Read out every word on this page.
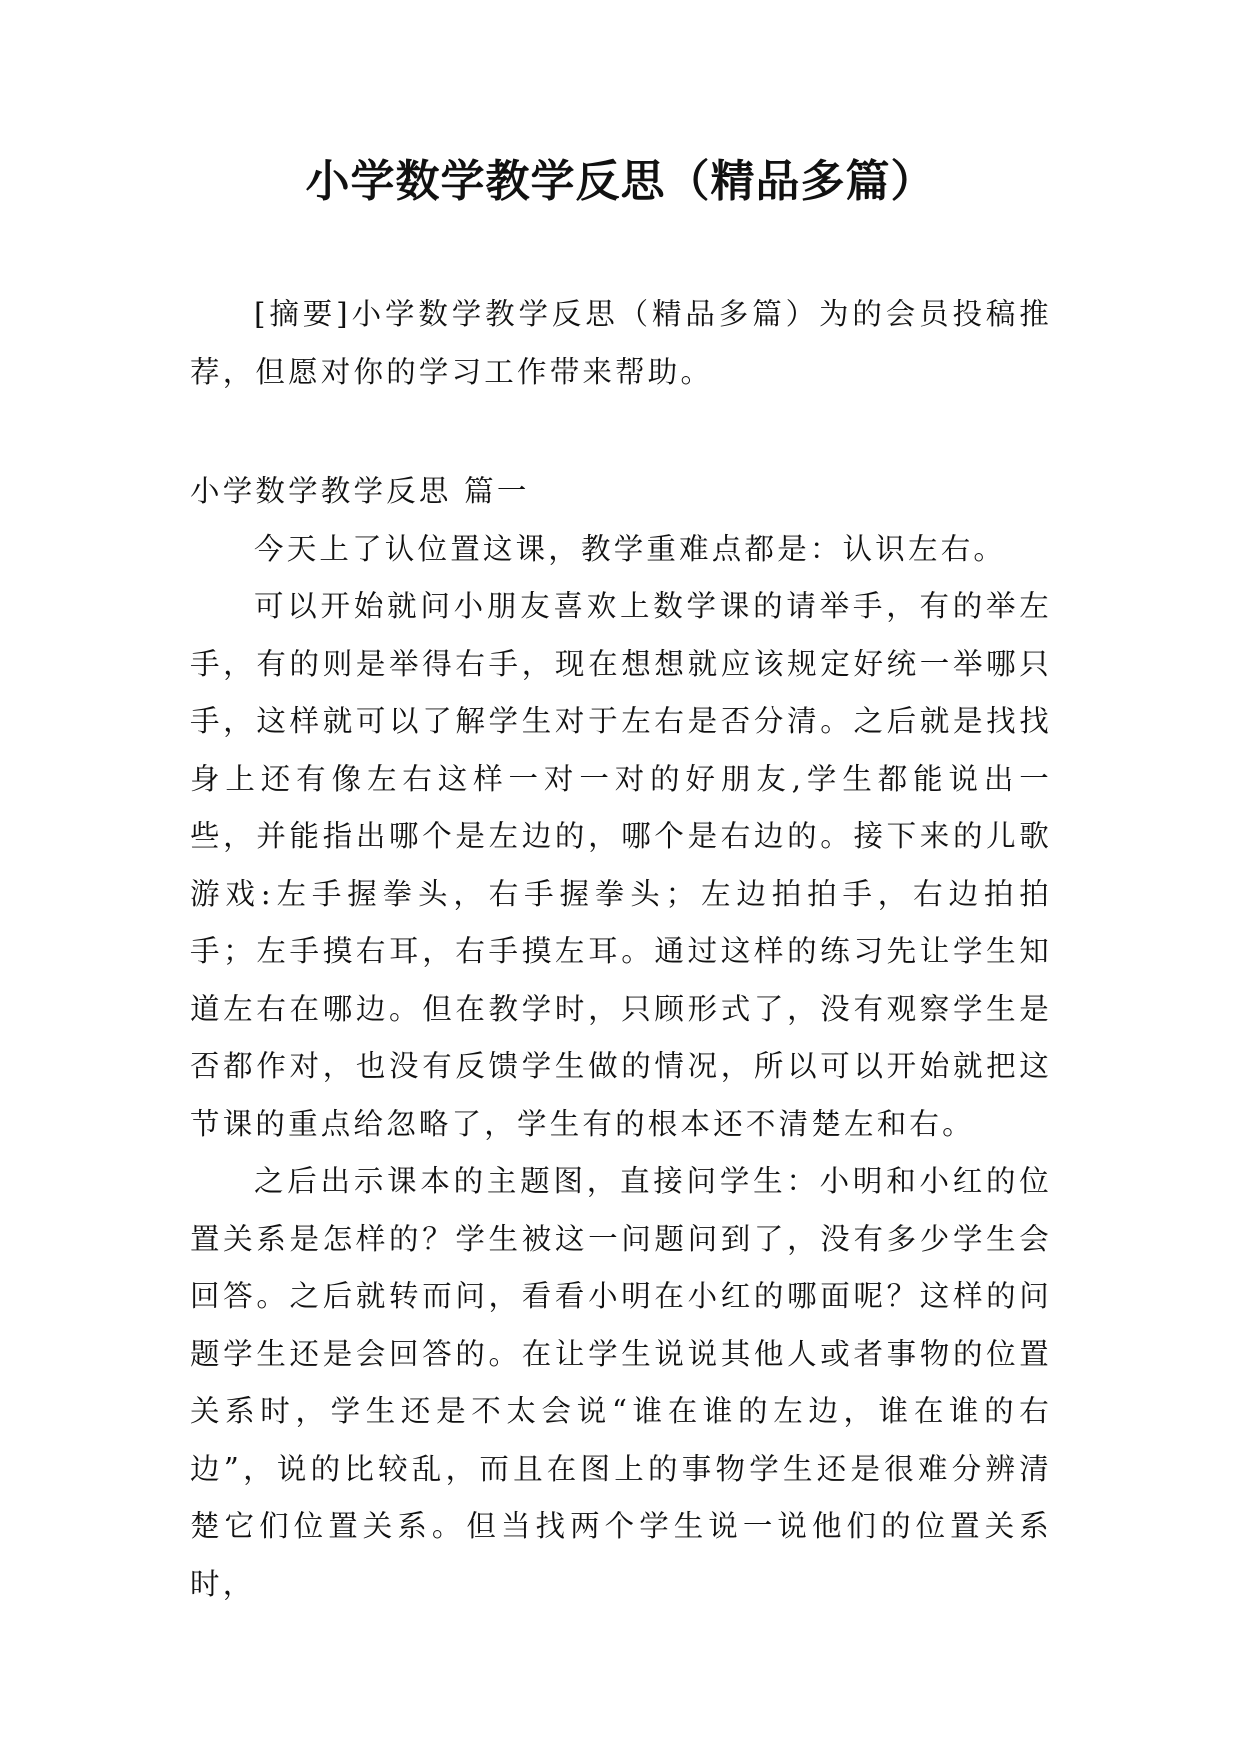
小学数学教学反思（精品多篇）

[摘要]小学数学教学反思（精品多篇）为的会员投稿推荐，但愿对你的学习工作带来帮助。

小学数学教学反思 篇一

今天上了认位置这课，教学重难点都是：认识左右。

可以开始就问小朋友喜欢上数学课的请举手，有的举左手，有的则是举得右手，现在想想就应该规定好统一举哪只手，这样就可以了解学生对于左右是否分清。之后就是找找身上还有像左右这样一对一对的好朋友,学生都能说出一些，并能指出哪个是左边的，哪个是右边的。接下来的儿歌游戏:左手握拳头，右手握拳头；左边拍拍手，右边拍拍手；左手摸右耳，右手摸左耳。通过这样的练习先让学生知道左右在哪边。但在教学时，只顾形式了，没有观察学生是否都作对，也没有反馈学生做的情况，所以可以开始就把这节课的重点给忽略了，学生有的根本还不清楚左和右。

之后出示课本的主题图，直接问学生：小明和小红的位置关系是怎样的？学生被这一问题问到了，没有多少学生会回答。之后就转而问，看看小明在小红的哪面呢？这样的问题学生还是会回答的。在让学生说说其他人或者事物的位置关系时，学生还是不太会说“谁在谁的左边，谁在谁的右边”，说的比较乱，而且在图上的事物学生还是很难分辨清楚它们位置关系。但当找两个学生说一说他们的位置关系时，
